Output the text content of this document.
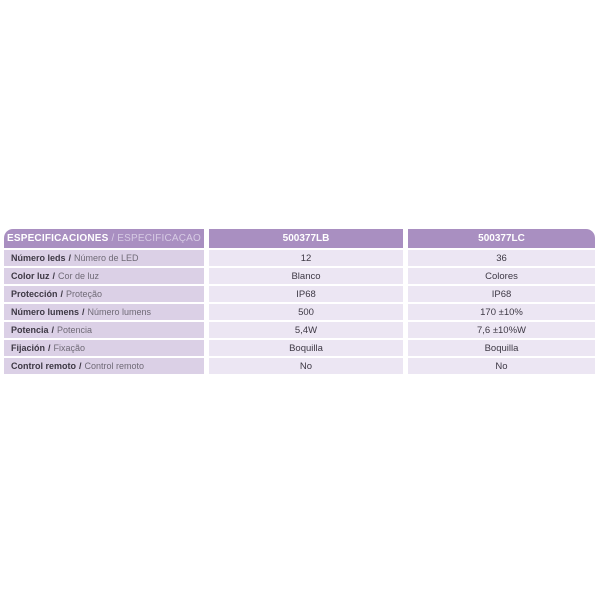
ESPECIFICACIONES / ESPECIFICAÇAO	500377LB	500377LC
Número leds / Número de LED	12	36
Color luz / Cor de luz	Blanco	Colores
Protección / Proteção	IP68	IP68
Número lumens / Número lumens	500	170 ±10%
Potencia / Potencia	5,4W	7,6 ±10%W
Fijación / Fixação	Boquilla	Boquilla
Control remoto / Control remoto	No	No
